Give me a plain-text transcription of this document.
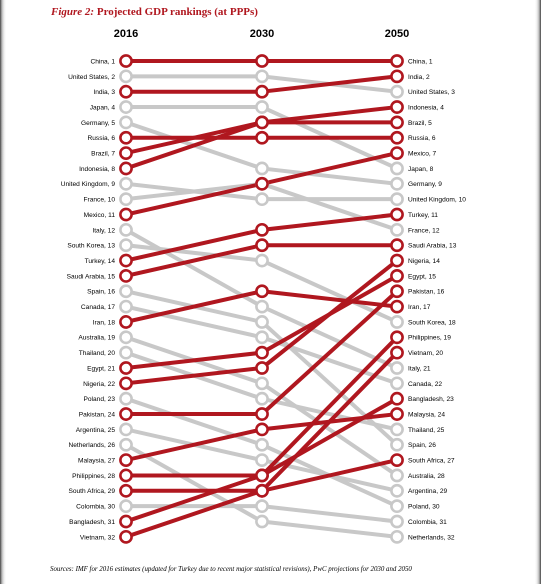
Figure 2: Projected GDP rankings (at PPPs)
2016	2030	2050
China, 1
United States, 2
India, 3
Japan, 4
Germany, 5
Russia, 6
Brazil, 7
Indonesia, 8
United Kingdom, 9
France, 10
Mexico, 11
Italy, 12
South Korea, 13
Turkey, 14
Saudi Arabia, 15
Spain, 16
Canada, 17
Iran, 18
Australia, 19
Thailand, 20
Egypt, 21
Nigeria, 22
Poland, 23
Pakistan, 24
Argentina, 25
Netherlands, 26
Malaysia, 27
Philippines, 28
South Africa, 29
Colombia, 30
Bangladesh, 31
Vietnam, 32
China, 1
India, 2
United States, 3
Indonesia, 4
Brazil, 5
Russia, 6
Mexico, 7
Japan, 8
Germany, 9
United Kingdom, 10
Turkey, 11
France, 12
Saudi Arabia, 13
Nigeria, 14
Egypt, 15
Pakistan, 16
Iran, 17
South Korea, 18
Philippines, 19
Vietnam, 20
Italy, 21
Canada, 22
Bangladesh, 23
Malaysia, 24
Thailand, 25
Spain, 26
South Africa, 27
Australia, 28
Argentina, 29
Poland, 30
Colombia, 31
Netherlands, 32

Sources: IMF for 2016 estimates (updated for Turkey due to recent major statistical revisions), PwC projections for 2030 and 2050
